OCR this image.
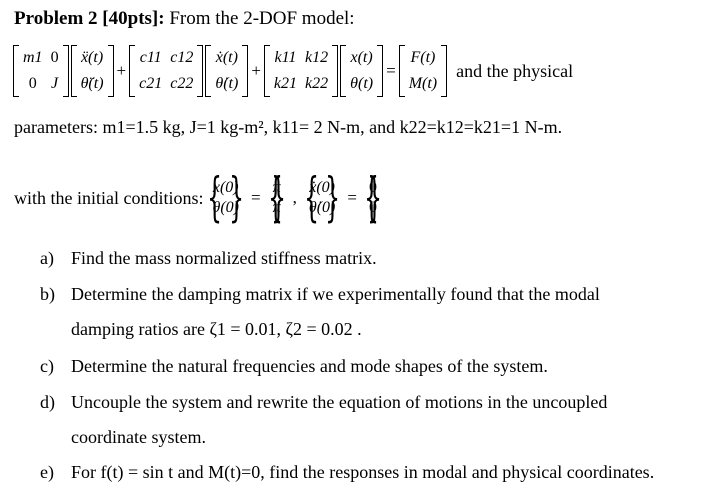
Problem 2 [40pts]: From the 2-DOF model:
m1	0
0	J
ẍ(t)
θ̈(t)
+
c11	c12
c21	c22
ẋ(t)
θ̇(t)
+
k11	k12
k21	k22
x(t)
θ(t)
=
F(t)
M(t)
and the physical
parameters: m1=1.5 kg, J=1 kg-m², k11= 2 N-m, and k22=k12=k21=1 N-m.
with the initial conditions: { x(0)
θ(0)
}
=
{ π
π
}
,
{ ẋ(0)
θ̇(0)
}
=
{ 0
0
}
a) Find the mass normalized stiffness matrix.
b) Determine the damping matrix if we experimentally found that the modal
damping ratios are ζ1 = 0.01, ζ2 = 0.02 .
c) Determine the natural frequencies and mode shapes of the system.
d) Uncouple the system and rewrite the equation of motions in the uncoupled
coordinate system.
e) For f(t) = sin t and M(t)=0, find the responses in modal and physical coordinates.
